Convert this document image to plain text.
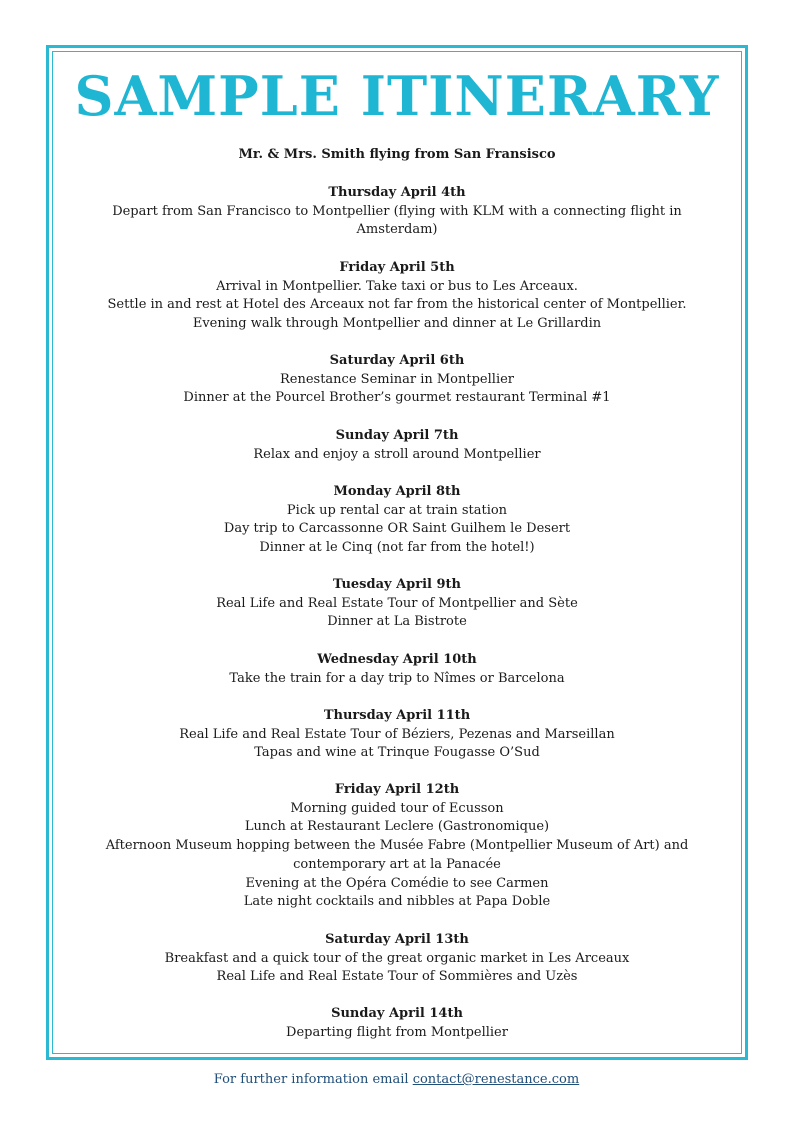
SAMPLE ITINERARY
Mr. & Mrs. Smith flying from San Fransisco
Thursday April 4th
Depart from San Francisco to Montpellier (flying with KLM with a connecting flight in
Amsterdam)
Friday April 5th
Arrival in Montpellier. Take taxi or bus to Les Arceaux.
Settle in and rest at Hotel des Arceaux not far from the historical center of Montpellier.
Evening walk through Montpellier and dinner at Le Grillardin
Saturday April 6th
Renestance Seminar in Montpellier
Dinner at the Pourcel Brother’s gourmet restaurant Terminal #1
Sunday April 7th
Relax and enjoy a stroll around Montpellier
Monday April 8th
Pick up rental car at train station
Day trip to Carcassonne OR Saint Guilhem le Desert
Dinner at le Cinq (not far from the hotel!)
Tuesday April 9th
Real Life and Real Estate Tour of Montpellier and Sète
Dinner at La Bistrote
Wednesday April 10th
Take the train for a day trip to Nîmes or Barcelona
Thursday April 11th
Real Life and Real Estate Tour of Béziers, Pezenas and Marseillan
Tapas and wine at Trinque Fougasse O’Sud
Friday April 12th
Morning guided tour of Ecusson
Lunch at Restaurant Leclere (Gastronomique)
Afternoon Museum hopping between the Musée Fabre (Montpellier Museum of Art) and
contemporary art at la Panacée
Evening at the Opéra Comédie to see Carmen
Late night cocktails and nibbles at Papa Doble
Saturday April 13th
Breakfast and a quick tour of the great organic market in Les Arceaux
Real Life and Real Estate Tour of Sommières and Uzès
Sunday April 14th
Departing flight from Montpellier
For further information email contact@renestance.com
